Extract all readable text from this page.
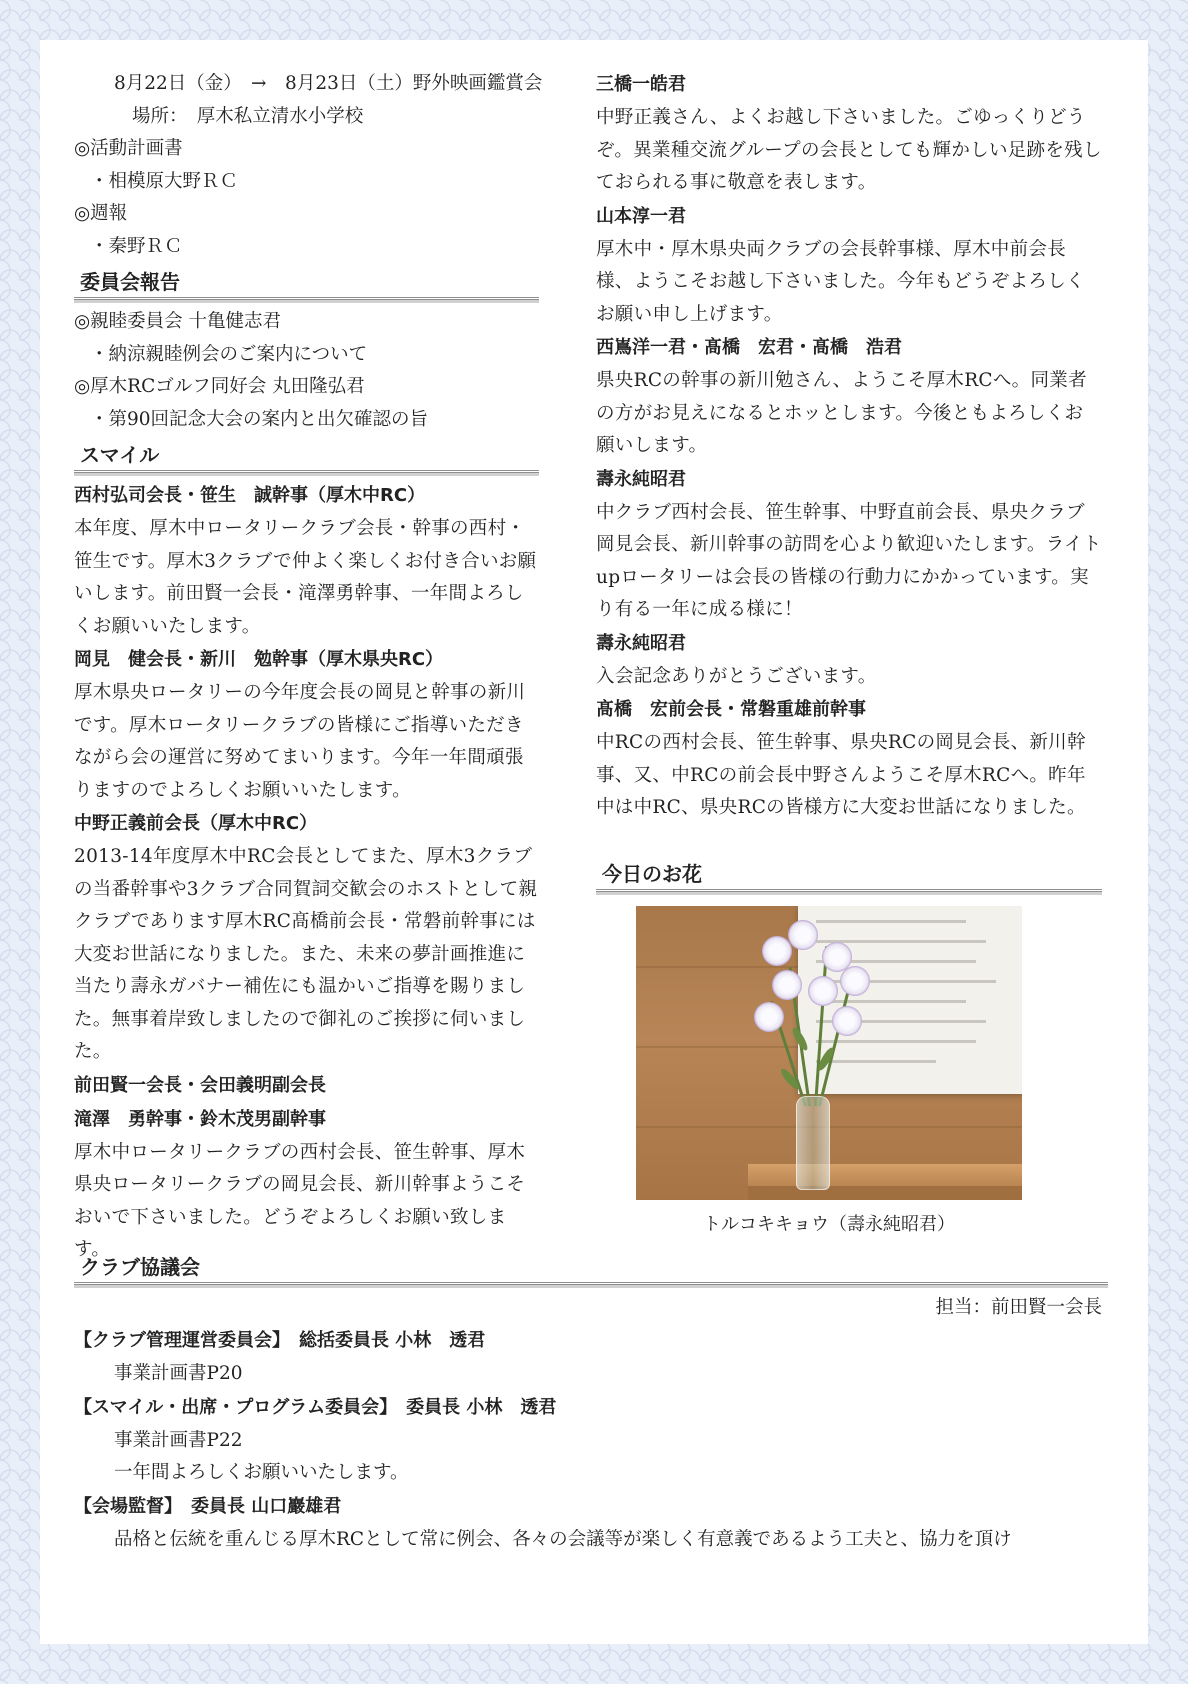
8月22日（金）　→　8月23日（土）野外映画鑑賞会
場所：　厚木私立清水小学校
◎活動計画書
・相模原大野ＲＣ
◎週報
・秦野ＲＣ
委員会報告
◎親睦委員会 十亀健志君
・納涼親睦例会のご案内について
◎厚木RCゴルフ同好会 丸田隆弘君
・第90回記念大会の案内と出欠確認の旨
スマイル

西村弘司会長・笹生　誠幹事（厚木中RC）

本年度、厚木中ロータリークラブ会長・幹事の西村・笹生です。厚木3クラブで仲よく楽しくお付き合いお願いします。前田賢一会長・滝澤勇幹事、一年間よろしくお願いいたします。

岡見　健会長・新川　勉幹事（厚木県央RC）

厚木県央ロータリーの今年度会長の岡見と幹事の新川です。厚木ロータリークラブの皆様にご指導いただきながら会の運営に努めてまいります。今年一年間頑張りますのでよろしくお願いいたします。

中野正義前会長（厚木中RC）

2013-14年度厚木中RC会長としてまた、厚木3クラブの当番幹事や3クラブ合同賀詞交歓会のホストとして親クラブであります厚木RC髙橋前会長・常磐前幹事には大変お世話になりました。また、未来の夢計画推進に当たり壽永ガバナー補佐にも温かいご指導を賜りました。無事着岸致しましたので御礼のご挨拶に伺いました。

前田賢一会長・会田義明副会長

滝澤　勇幹事・鈴木茂男副幹事

厚木中ロータリークラブの西村会長、笹生幹事、厚木県央ロータリークラブの岡見会長、新川幹事ようこそおいで下さいました。どうぞよろしくお願い致します。

三橋一皓君

中野正義さん、よくお越し下さいました。ごゆっくりどうぞ。異業種交流グループの会長としても輝かしい足跡を残しておられる事に敬意を表します。

山本淳一君

厚木中・厚木県央両クラブの会長幹事様、厚木中前会長様、ようこそお越し下さいました。今年もどうぞよろしくお願い申し上げます。

西嶌洋一君・髙橋　宏君・髙橋　浩君

県央RCの幹事の新川勉さん、ようこそ厚木RCへ。同業者の方がお見えになるとホッとします。今後ともよろしくお願いします。

壽永純昭君

中クラブ西村会長、笹生幹事、中野直前会長、県央クラブ岡見会長、新川幹事の訪問を心より歓迎いたします。ライトupロータリーは会長の皆様の行動力にかかっています。実り有る一年に成る様に！

壽永純昭君

入会記念ありがとうございます。

髙橋　宏前会長・常磐重雄前幹事

中RCの西村会長、笹生幹事、県央RCの岡見会長、新川幹事、又、中RCの前会長中野さんようこそ厚木RCへ。昨年中は中RC、県央RCの皆様方に大変お世話になりました。

今日のお花
トルコキキョウ（壽永純昭君）
クラブ協議会

担当：前田賢一会長

【クラブ管理運営委員会】　総括委員長 小林　透君
事業計画書P20
【スマイル・出席・プログラム委員会】　委員長 小林　透君
事業計画書P22
一年間よろしくお願いいたします。
【会場監督】　委員長 山口巖雄君
品格と伝統を重んじる厚木RCとして常に例会、各々の会議等が楽しく有意義であるよう工夫と、協力を頂け
